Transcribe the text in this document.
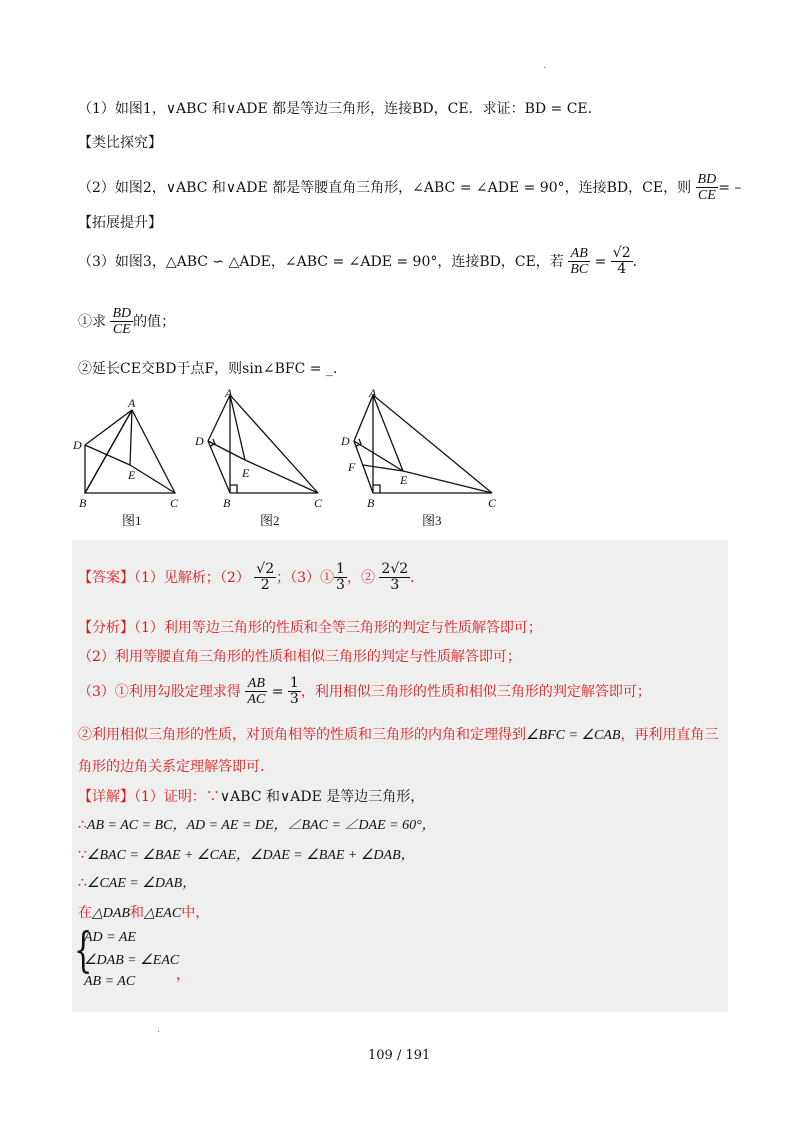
.
（1）如图1，∨ABC 和∨ADE 都是等边三角形，连接BD，CE．求证：BD = CE．
【类比探究】
（2）如图2，∨ABC 和∨ADE 都是等腰直角三角形，∠ABC = ∠ADE = 90°，连接BD，CE，则 $\frac{BD}{CE}$ = –
【拓展提升】
（3）如图3，△ABC ∽ △ADE，∠ABC = ∠ADE = 90°，连接BD，CE，若 $\frac{AB}{BC} = \frac{√2}{4}$ ．
①求 $\frac{BD}{CE}$ 的值；
②延长CE交BD于点F，则sin∠BFC = _.
A
D
E
B	C
A
D
E
B	C
A
D
F
E
B	C
图1	图2	图3
【答案】（1）见解析；$(2) \frac{√2}{2}$ ；（3）① $\frac{1}{3}$ ，② $\frac{2√2}{3}$ ．
【分析】（1）利用等边三角形的性质和全等三角形的判定与性质解答即可；
（2）利用等腰直角三角形的性质和相似三角形的判定与性质解答即可；
（3）①利用勾股定理求得 $\frac{AB}{AC} = \frac{1}{3}$ ，利用相似三角形的性质和相似三角形的判定解答即可；
②利用相似三角形的性质，对顶角相等的性质和三角形的内角和定理得到∠BFC = ∠CAB，再利用直角三
角形的边角关系定理解答即可.
【详解】（1）证明：∵∨ABC 和∨ADE 是等边三角形，
∴AB = AC = BC，AD = AE = DE，∠BAC = ∠DAE = 60°，
∵∠BAC = ∠BAE + ∠CAE，∠DAE = ∠BAE + ∠DAB，
∴∠CAE = ∠DAB，
在△DAB和△EAC中，
{
AD = AE
∠DAB = ∠EAC
AB = AC	，
.
109 / 191
